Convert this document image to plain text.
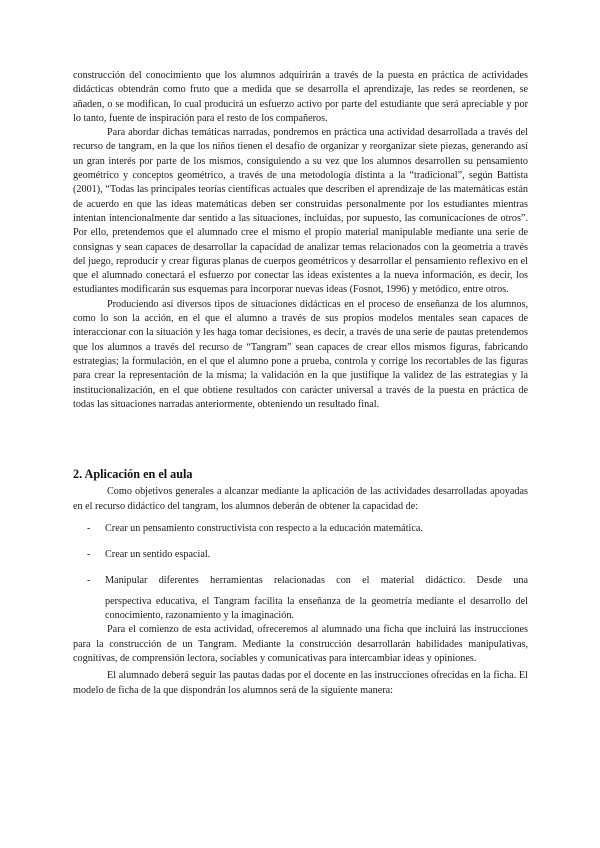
construcción del conocimiento que los alumnos adquirirán a través de la puesta en práctica de actividades didácticas obtendrán como fruto que a medida que se desarrolla el aprendizaje, las redes se reordenen, se añaden, o se modifican, lo cual producirá un esfuerzo activo por parte del estudiante que será apreciable y por lo tanto, fuente de inspiración para el resto de los compañeros.

Para abordar dichas temáticas narradas, pondremos en práctica una actividad desarrollada a través del recurso de tangram, en la que los niños tienen el desafío de organizar y reorganizar siete piezas, generando así un gran interés por parte de los mismos, consiguiendo a su vez que los alumnos desarrollen su pensamiento geométrico y conceptos geométrico, a través de una metodología distinta a la “tradicional”, según Battista (2001), “Todas las principales teorías científicas actuales que describen el aprendizaje de las matemáticas están de acuerdo en que las ideas matemáticas deben ser construidas personalmente por los estudiantes mientras intentan intencionalmente dar sentido a las situaciones, incluidas, por supuesto, las comunicaciones de otros”. Por ello, pretendemos que el alumnado cree el mismo el propio material manipulable mediante una serie de consignas y sean capaces de desarrollar la capacidad de analizar temas relacionados con la geometría a través del juego, reproducir y crear figuras planas de cuerpos geométricos y desarrollar el pensamiento reflexivo en el que el alumnado conectará el esfuerzo por conectar las ideas existentes a la nueva información, es decir, los estudiantes modificarán sus esquemas para incorporar nuevas ideas (Fosnot, 1996) y metódico, entre otros.

Produciendo así diversos tipos de situaciones didácticas en el proceso de enseñanza de los alumnos, como lo son la acción, en el que el alumno a través de sus propios modelos mentales sean capaces de interaccionar con la situación y les haga tomar decisiones, es decir, a través de una serie de pautas pretendemos que los alumnos a través del recurso de “Tangram” sean capaces de crear ellos mismos figuras, fabricando estrategias; la formulación, en el que el alumno pone a prueba, controla y corrige los recortables de las figuras para crear la representación de la misma; la validación en la que justifique la validez de las estrategias y la institucionalización, en el que obtiene resultados con carácter universal a través de la puesta en práctica de todas las situaciones narradas anteriormente, obteniendo un resultado final.

2. Aplicación en el aula

Como objetivos generales a alcanzar mediante la aplicación de las actividades desarrolladas apoyadas en el recurso didáctico del tangram, los alumnos deberán de obtener la capacidad de:

-	Crear un pensamiento constructivista con respecto a la educación matemática.
-	Crear un sentido espacial.
-	Manipular diferentes herramientas relacionadas con el material didáctico. Desde una

perspectiva educativa, el Tangram facilita la enseñanza de la geometría mediante el desarrollo del conocimiento, razonamiento y la imaginación.

Para el comienzo de esta actividad, ofreceremos al alumnado una ficha que incluirá las instrucciones para la construcción de un Tangram. Mediante la construcción desarrollarán habilidades manipulativas, cognitivas, de comprensión lectora, sociables y comunicativas para intercambiar ideas y opiniones.

El alumnado deberá seguir las pautas dadas por el docente en las instrucciones ofrecidas en la ficha. El modelo de ficha de la que dispondrán los alumnos será de la siguiente manera:
